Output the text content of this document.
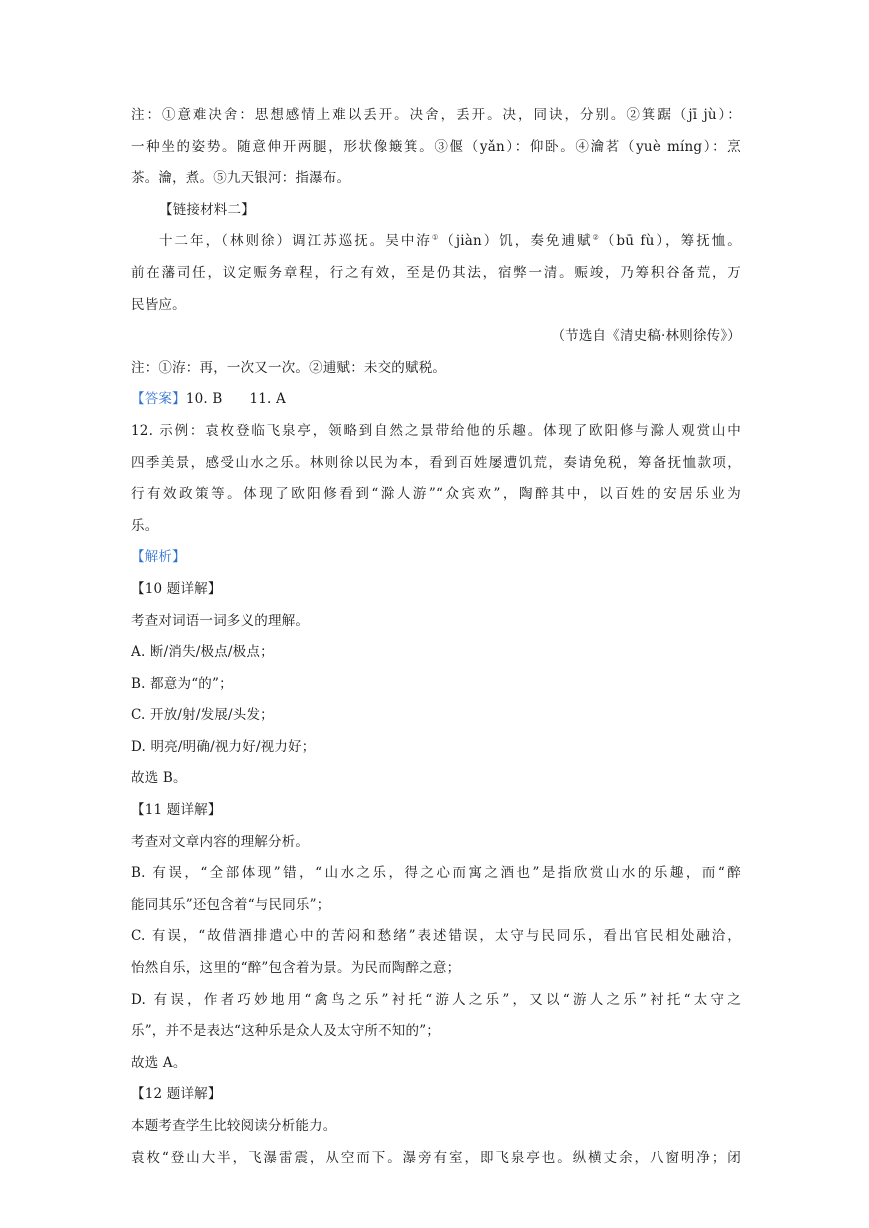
注：①意难决舍：思想感情上难以丢开。决舍，丢开。决，同诀，分别。②箕踞（jī jù）：
一种坐的姿势。随意伸开两腿，形状像簸箕。③偃（yǎn）：仰卧。④瀹茗（yuè míng）：烹
茶。瀹，煮。⑤九天银河：指瀑布。
【链接材料二】
十二年，（林则徐）调江苏巡抚。吴中洊①（jiàn）饥，奏免逋赋②（bū fù），筹抚恤。
前在藩司任，议定赈务章程，行之有效，至是仍其法，宿弊一清。赈竣，乃筹积谷备荒，万
民皆应。
（节选自《清史稿·林则徐传》）
注：①洊：再，一次又一次。②逋赋：未交的赋税。
【答案】10. B      11. A
12. 示例：袁枚登临飞泉亭，领略到自然之景带给他的乐趣。体现了欧阳修与滁人观赏山中
四季美景，感受山水之乐。林则徐以民为本，看到百姓屡遭饥荒，奏请免税，筹备抚恤款项，
行有效政策等。体现了欧阳修看到“滁人游”“众宾欢”，陶醉其中，以百姓的安居乐业为
乐。
【解析】
【10 题详解】
考查对词语一词多义的理解。
A. 断/消失/极点/极点；
B. 都意为“的”；
C. 开放/射/发展/头发；
D. 明亮/明确/视力好/视力好；
故选 B。
【11 题详解】
考查对文章内容的理解分析。
B. 有误，“全部体现”错，“山水之乐，得之心而寓之酒也”是指欣赏山水的乐趣，而“醉
能同其乐”还包含着“与民同乐”；
C. 有误，“故借酒排遣心中的苦闷和愁绪”表述错误，太守与民同乐，看出官民相处融洽，
怡然自乐，这里的“醉”包含着为景。为民而陶醉之意；
D. 有误，作者巧妙地用“禽鸟之乐”衬托“游人之乐”，又以“游人之乐”衬托“太守之
乐”，并不是表达“这种乐是众人及太守所不知的”；
故选 A。
【12 题详解】
本题考查学生比较阅读分析能力。
袁枚“登山大半，飞瀑雷震，从空而下。瀑旁有室，即飞泉亭也。纵横丈余，八窗明净；闭
